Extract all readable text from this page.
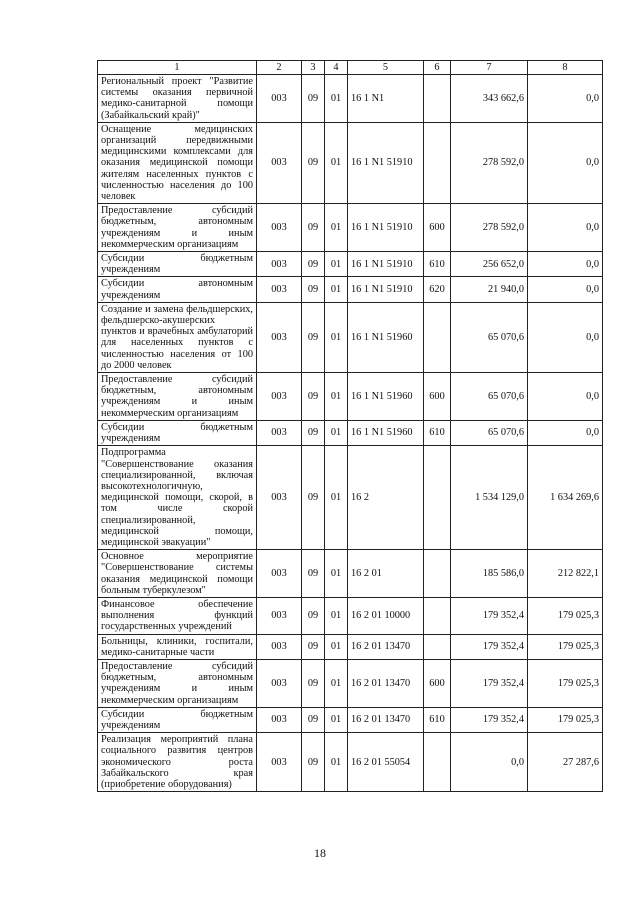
1	2	3	4	5	6	7	8
Региональный проект "Развитие системы оказания первичной медико-санитарной помощи (Забайкальский край)"	003	09	01	16 1 N1		343 662,6	0,0
Оснащение медицинских организаций передвижными медицинскими комплексами для оказания медицинской помощи жителям населенных пунктов с численностью населения до 100 человек	003	09	01	16 1 N1 51910		278 592,0	0,0
Предоставление субсидий бюджетным, автономным учреждениям и иным некоммерческим организациям	003	09	01	16 1 N1 51910	600	278 592,0	0,0
Субсидии бюджетным учреждениям	003	09	01	16 1 N1 51910	610	256 652,0	0,0
Субсидии автономным учреждениям	003	09	01	16 1 N1 51910	620	21 940,0	0,0
Создание и замена фельдшерских, фельдшерско-акушерских пунктов и врачебных амбулаторий для населенных пунктов с численностью населения от 100 до 2000 человек	003	09	01	16 1 N1 51960		65 070,6	0,0
Предоставление субсидий бюджетным, автономным учреждениям и иным некоммерческим организациям	003	09	01	16 1 N1 51960	600	65 070,6	0,0
Субсидии бюджетным учреждениям	003	09	01	16 1 N1 51960	610	65 070,6	0,0
Подпрограмма "Совершенствование оказания специализированной, включая высокотехнологичную, медицинской помощи, скорой, в том числе скорой специализированной, медицинской помощи, медицинской эвакуации"	003	09	01	16 2		1 534 129,0	1 634 269,6
Основное мероприятие "Совершенствование системы оказания медицинской помощи больным туберкулезом"	003	09	01	16 2 01		185 586,0	212 822,1
Финансовое обеспечение выполнения функций государственных учреждений	003	09	01	16 2 01 10000		179 352,4	179 025,3
Больницы, клиники, госпитали, медико-санитарные части	003	09	01	16 2 01 13470		179 352,4	179 025,3
Предоставление субсидий бюджетным, автономным учреждениям и иным некоммерческим организациям	003	09	01	16 2 01 13470	600	179 352,4	179 025,3
Субсидии бюджетным учреждениям	003	09	01	16 2 01 13470	610	179 352,4	179 025,3
Реализация мероприятий плана социального развития центров экономического роста Забайкальского края (приобретение оборудования)	003	09	01	16 2 01 55054		0,0	27 287,6
18
